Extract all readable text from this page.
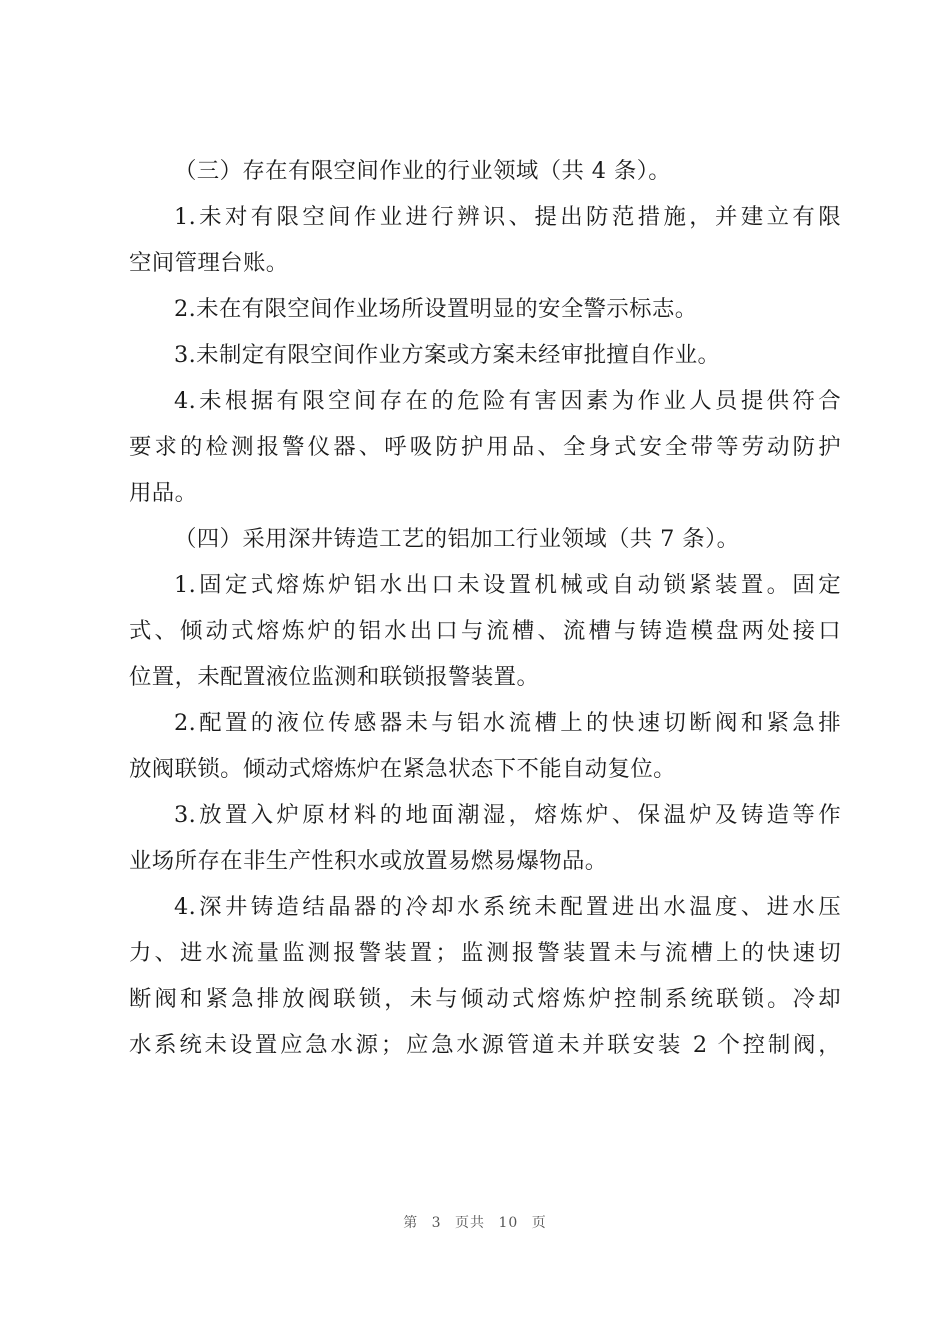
（三）存在有限空间作业的行业领域（共 4 条）。
1.未对有限空间作业进行辨识、提出防范措施，并建立有限
空间管理台账。
2.未在有限空间作业场所设置明显的安全警示标志。
3.未制定有限空间作业方案或方案未经审批擅自作业。
4.未根据有限空间存在的危险有害因素为作业人员提供符合
要求的检测报警仪器、呼吸防护用品、全身式安全带等劳动防护
用品。
（四）采用深井铸造工艺的铝加工行业领域（共 7 条）。
1.固定式熔炼炉铝水出口未设置机械或自动锁紧装置。固定
式、倾动式熔炼炉的铝水出口与流槽、流槽与铸造模盘两处接口
位置，未配置液位监测和联锁报警装置。
2.配置的液位传感器未与铝水流槽上的快速切断阀和紧急排
放阀联锁。倾动式熔炼炉在紧急状态下不能自动复位。
3.放置入炉原材料的地面潮湿，熔炼炉、保温炉及铸造等作
业场所存在非生产性积水或放置易燃易爆物品。
4.深井铸造结晶器的冷却水系统未配置进出水温度、进水压
力、进水流量监测报警装置；监测报警装置未与流槽上的快速切
断阀和紧急排放阀联锁，未与倾动式熔炼炉控制系统联锁。冷却
水系统未设置应急水源；应急水源管道未并联安装 2 个控制阀，
第 3 页共 10 页
